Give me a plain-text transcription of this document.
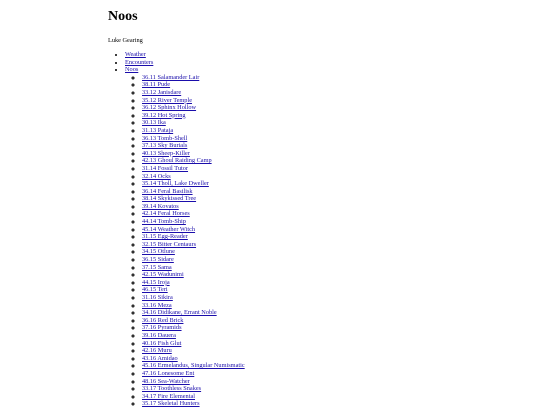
Noos

Luke Gearing

• Weather
• Encounters
• Noos
◦ 36.11 Salamander Lair
◦ 38.11 Pude
◦ 33.12 Janisdare
◦ 35.12 River Temple
◦ 36.12 Sphinx Hollow
◦ 39.12 Hot Spring
◦ 30.13 Ika
◦ 31.13 Pataja
◦ 36.13 Tomb-Shell
◦ 37.13 Sky Burials
◦ 40.13 Sheep-Killer
◦ 42.13 Ghoul Raiding Camp
◦ 31.14 Fossil Tutor
◦ 32.14 Ocks
◦ 35.14 Tholl, Lake Dweller
◦ 36.14 Feral Basilisk
◦ 38.14 Skykissed Tree
◦ 39.14 Kovatos
◦ 42.14 Feral Horses
◦ 44.14 Tomb-Ship
◦ 45.14 Weather Witch
◦ 31.15 Egg-Reader
◦ 32.15 Bitter Centaurs
◦ 34.15 Otlune
◦ 36.15 Sidare
◦ 37.15 Sama
◦ 42.15 Wadunimi
◦ 44.15 Iroja
◦ 46.15 Teri
◦ 31.16 Sikira
◦ 33.16 Meza
◦ 34.16 Didikane, Errant Noble
◦ 36.16 Red Brick
◦ 37.16 Pyramids
◦ 39.16 Dauera
◦ 40.16 Fish Glut
◦ 42.16 Muru
◦ 43.16 Amidao
◦ 45.16 Ermelandus, Singular Numismatic
◦ 47.16 Lonesome Ent
◦ 48.16 Sea-Watcher
◦ 33.17 Toothless Snakes
◦ 34.17 Fire Elemental
◦ 35.17 Skeletal Hunters
